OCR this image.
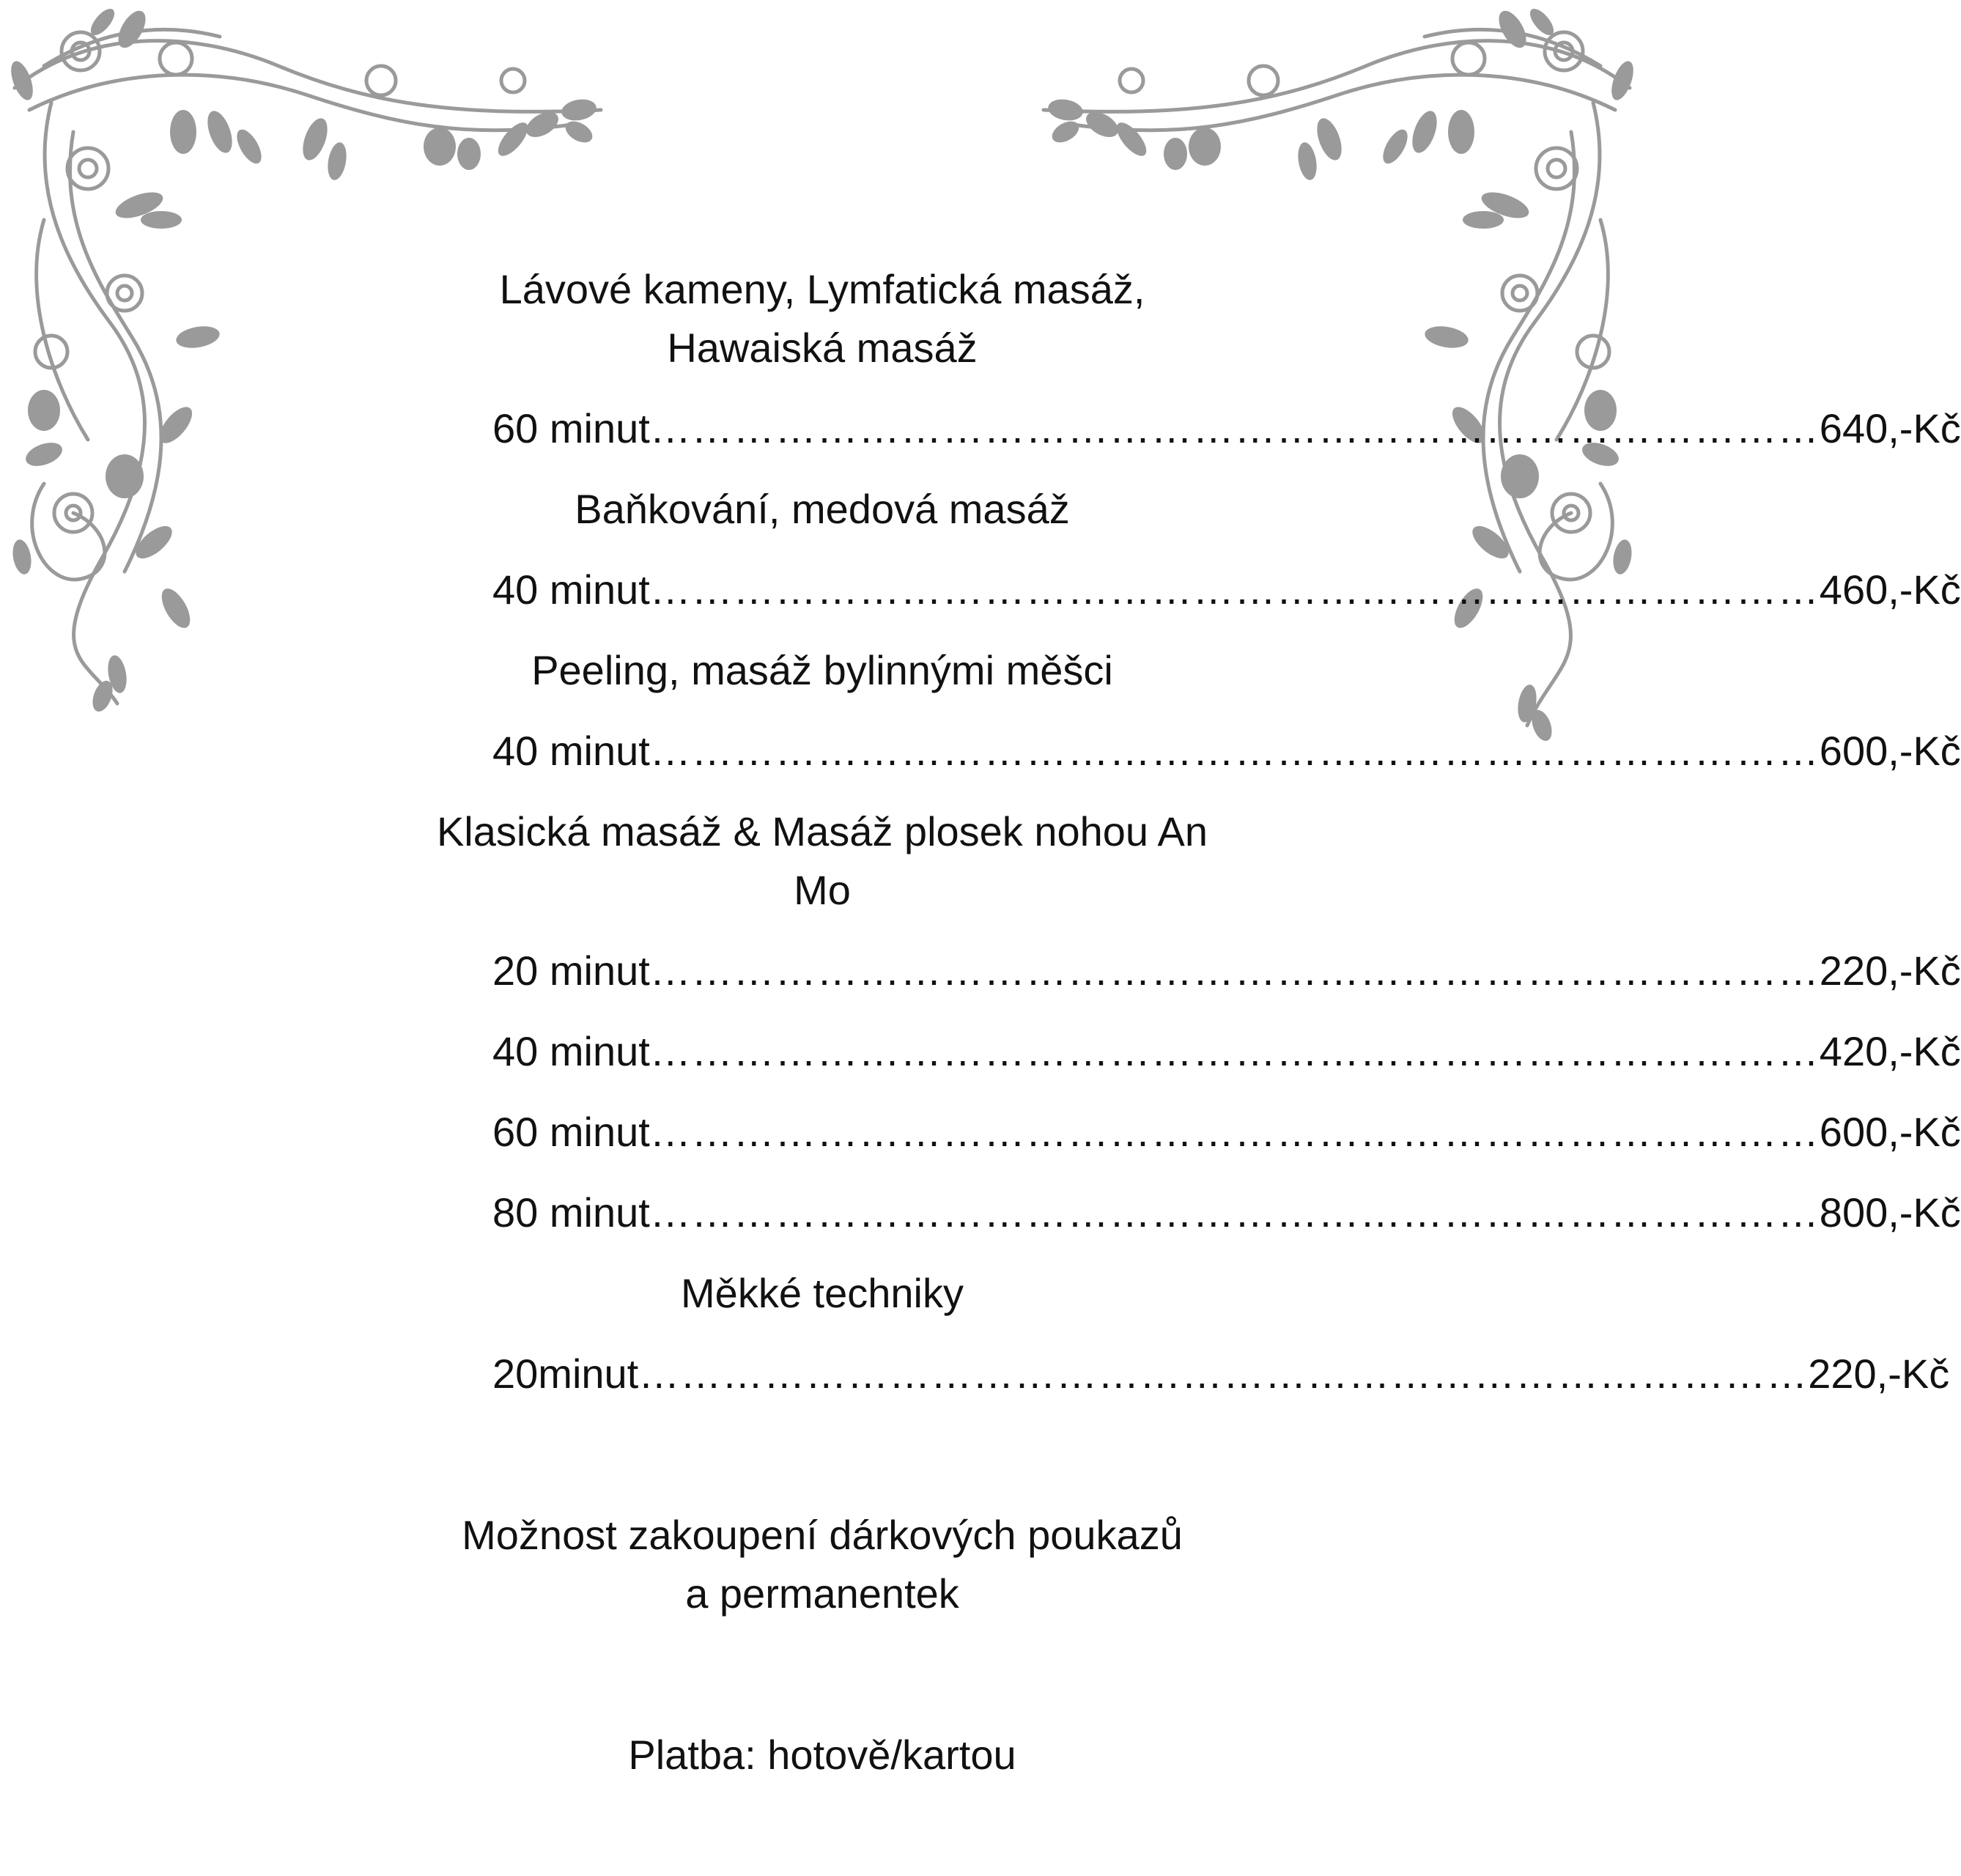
Lávové kameny, Lymfatická masáž, Hawaiská masáž
60 minut ………………………………………………………………………… 640,-Kč
Baňkování, medová masáž
40 minut ………………………………………………………………………… 460,-Kč
Peeling, masáž bylinnými měšci
40 minut ………………………………………………………………………… 600,-Kč
Klasická masáž & Masáž plosek nohou An Mo
20 minut ………………………………………………………………………… 220,-Kč
40 minut ………………………………………………………………………… 420,-Kč
60 minut ………………………………………………………………………… 600,-Kč
80 minut ………………………………………………………………………… 800,-Kč
Měkké techniky
20minut ………………………………………………………………………… 220,-Kč
Možnost zakoupení dárkových poukazů a permanentek
Platba: hotově/kartou
